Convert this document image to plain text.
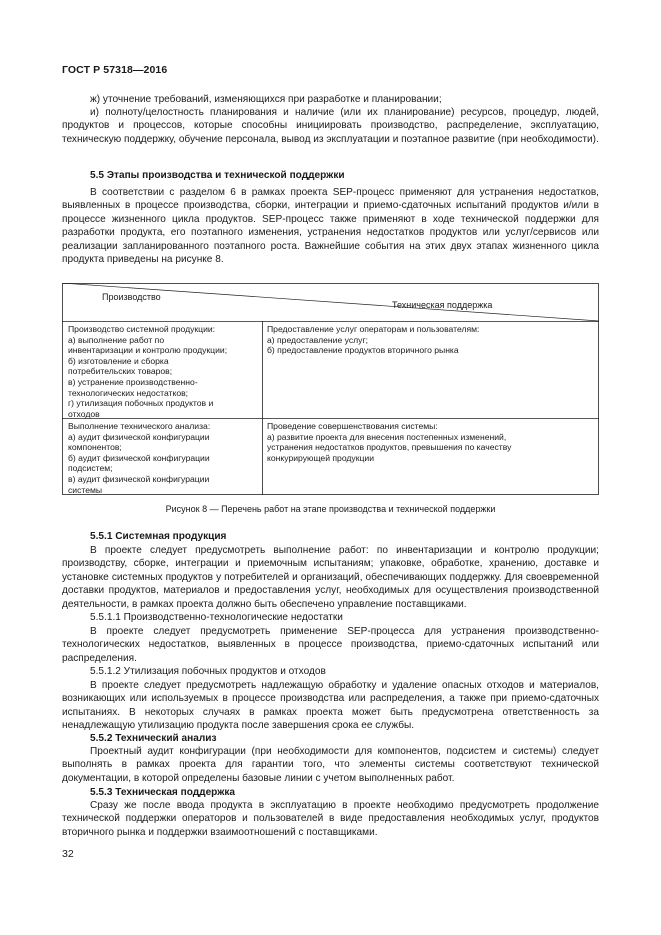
ГОСТ Р 57318—2016

ж) уточнение требований, изменяющихся при разработке и планировании;

и) полноту/целостность планирования и наличие (или их планирование) ресурсов, процедур, людей, продуктов и процессов, которые способны инициировать производство, распределение, эксплуатацию, техническую поддержку, обучение персонала, вывод из эксплуатации и поэтапное развитие (при необходимости).

5.5 Этапы производства и технической поддержки

В соответствии с разделом 6 в рамках проекта SEP-процесс применяют для устранения недостатков, выявленных в процессе производства, сборки, интеграции и приемо-сдаточных испытаний продуктов и/или в процессе жизненного цикла продуктов. SEP-процесс также применяют в ходе технической поддержки для разработки продукта, его поэтапного изменения, устранения недостатков продуктов или услуг/сервисов или реализации запланированного поэтапного роста. Важнейшие события на этих двух этапах жизненного цикла продукта приведены на рисунке 8.

Производство
Техническая поддержка
Производство системной продукции:
а) выполнение работ по
инвентаризации и контролю продукции;
б) изготовление и сборка
потребительских товаров;
в) устранение производственно-
технологических недостатков;
г) утилизация побочных продуктов и
отходов
Предоставление услуг операторам и пользователям:
а) предоставление услуг;
б) предоставление продуктов вторичного рынка
Выполнение технического анализа:
а) аудит физической конфигурации
компонентов;
б) аудит физической конфигурации
подсистем;
в) аудит физической конфигурации
системы
Проведение совершенствования системы:
а) развитие проекта для внесения постепенных изменений,
устранения недостатков продуктов, превышения по качеству
конкурирующей продукции
Рисунок 8 — Перечень работ на этапе производства и технической поддержки

5.5.1 Системная продукция

В проекте следует предусмотреть выполнение работ: по инвентаризации и контролю продукции; производству, сборке, интеграции и приемочным испытаниям; упаковке, обработке, хранению, доставке и установке системных продуктов у потребителей и организаций, обеспечивающих поддержку. Для своевременной доставки продуктов, материалов и предоставления услуг, необходимых для осуществления производственной деятельности, в рамках проекта должно быть обеспечено управление поставщиками.

5.5.1.1 Производственно-технологические недостатки

В проекте следует предусмотреть применение SEP-процесса для устранения производственно-технологических недостатков, выявленных в процессе производства, приемо-сдаточных испытаний или распределения.

5.5.1.2 Утилизация побочных продуктов и отходов

В проекте следует предусмотреть надлежащую обработку и удаление опасных отходов и материалов, возникающих или используемых в процессе производства или распределения, а также при приемо-сдаточных испытаниях. В некоторых случаях в рамках проекта может быть предусмотрена ответственность за ненадлежащую утилизацию продукта после завершения срока ее службы.

5.5.2 Технический анализ

Проектный аудит конфигурации (при необходимости для компонентов, подсистем и системы) следует выполнять в рамках проекта для гарантии того, что элементы системы соответствуют технической документации, в которой определены базовые линии с учетом выполненных работ.

5.5.3 Техническая поддержка

Сразу же после ввода продукта в эксплуатацию в проекте необходимо предусмотреть продолжение технической поддержки операторов и пользователей в виде предоставления необходимых услуг, продуктов вторичного рынка и поддержки взаимоотношений с поставщиками.

32
